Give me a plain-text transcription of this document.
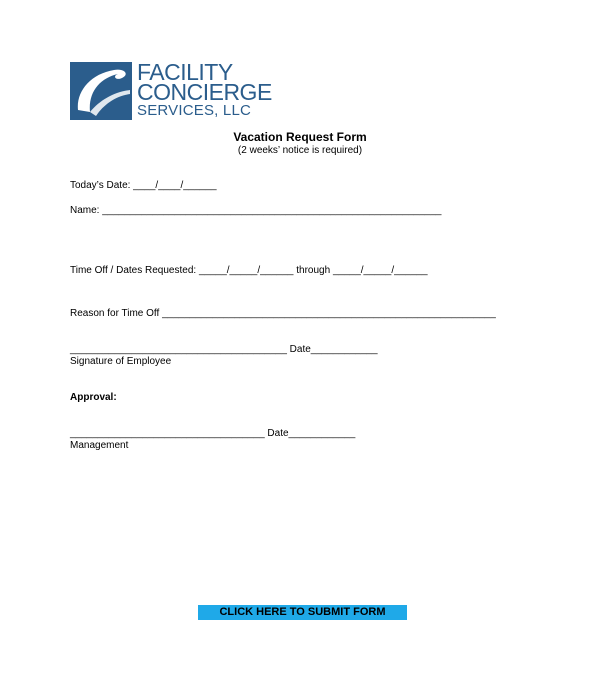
FACILITY
CONCIERGE
SERVICES, LLC
Vacation Request Form
(2 weeks’ notice is required)
Today’s Date: ____/____/______
Name: _____________________________________________________________
Time Off / Dates Requested: _____/_____/______ through _____/_____/______
Reason for Time Off ____________________________________________________________
_______________________________________ Date____________
Signature of Employee
Approval:
___________________________________ Date____________
Management
CLICK HERE TO SUBMIT FORM
